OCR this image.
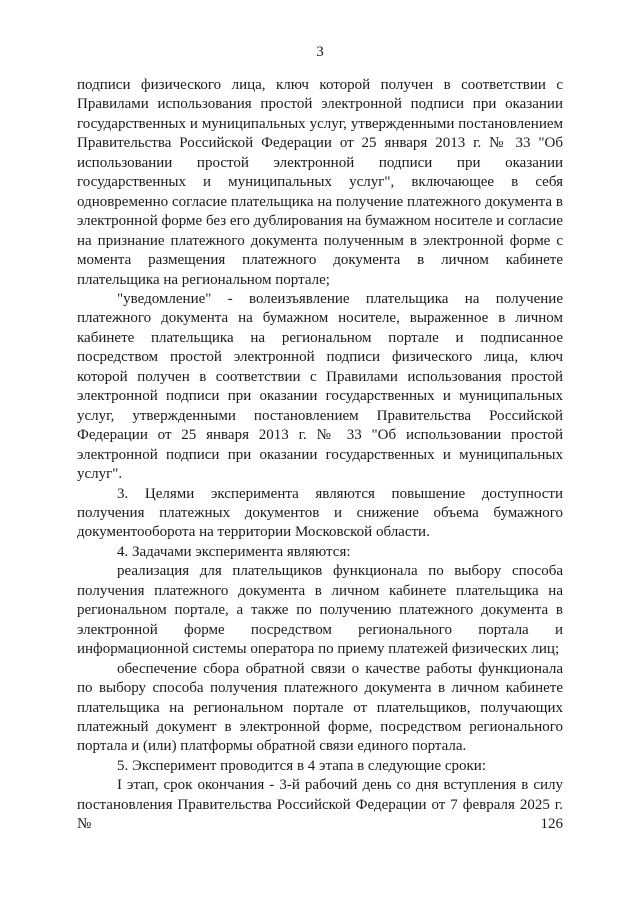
3

подписи физического лица, ключ которой получен в соответствии с Правилами использования простой электронной подписи при оказании государственных и муниципальных услуг, утвержденными постановлением Правительства Российской Федерации от 25 января 2013 г. № 33 "Об использовании простой электронной подписи при оказании государственных и муниципальных услуг", включающее в себя одновременно согласие плательщика на получение платежного документа в электронной форме без его дублирования на бумажном носителе и согласие на признание платежного документа полученным в электронной форме с момента размещения платежного документа в личном кабинете плательщика на региональном портале;

"уведомление" - волеизъявление плательщика на получение платежного документа на бумажном носителе, выраженное в личном кабинете плательщика на региональном портале и подписанное посредством простой электронной подписи физического лица, ключ которой получен в соответствии с Правилами использования простой электронной подписи при оказании государственных и муниципальных услуг, утвержденными постановлением Правительства Российской Федерации от 25 января 2013 г. № 33 "Об использовании простой электронной подписи при оказании государственных и муниципальных услуг".

3. Целями эксперимента являются повышение доступности получения платежных документов и снижение объема бумажного документооборота на территории Московской области.

4. Задачами эксперимента являются:

реализация для плательщиков функционала по выбору способа получения платежного документа в личном кабинете плательщика на региональном портале, а также по получению платежного документа в электронной форме посредством регионального портала и информационной системы оператора по приему платежей физических лиц;

обеспечение сбора обратной связи о качестве работы функционала по выбору способа получения платежного документа в личном кабинете плательщика на региональном портале от плательщиков, получающих платежный документ в электронной форме, посредством регионального портала и (или) платформы обратной связи единого портала.

5. Эксперимент проводится в 4 этапа в следующие сроки:

I этап, срок окончания - 3-й рабочий день со дня вступления в силу постановления Правительства Российской Федерации от 7 февраля 2025 г. № 126
